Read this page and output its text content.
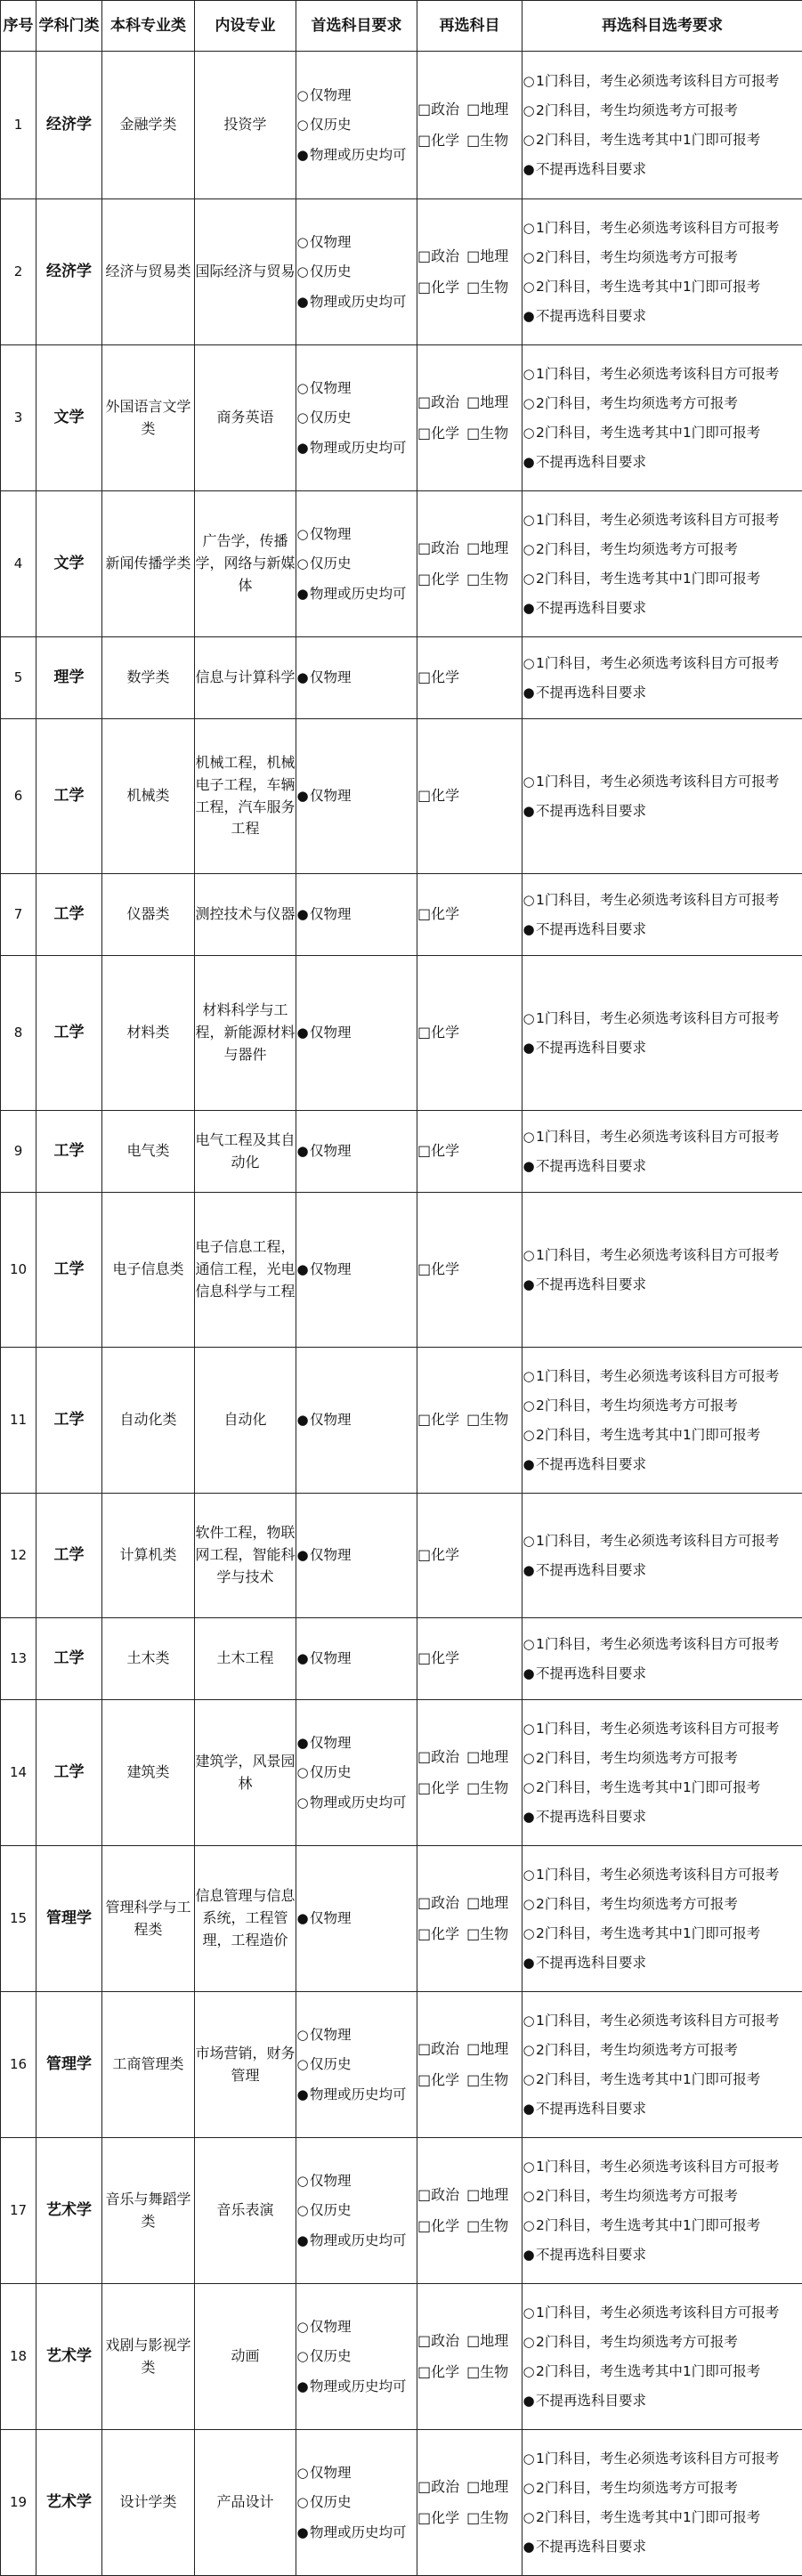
序号	学科门类	本科专业类	内设专业	首选科目要求	再选科目	再选科目选考要求
1	经济学	金融学类	投资学	○仅物理
○仅历史
●物理或历史均可	□政治 □地理
□化学 □生物	○1门科目，考生必须选考该科目方可报考
○2门科目，考生均须选考方可报考
○2门科目，考生选考其中1门即可报考
●不提再选科目要求

2	经济学	经济与贸易类	国际经济与贸易	○仅物理
○仅历史
●物理或历史均可	□政治 □地理
□化学 □生物	○1门科目，考生必须选考该科目方可报考
○2门科目，考生均须选考方可报考
○2门科目，考生选考其中1门即可报考
●不提再选科目要求

3	文学	外国语言文学类	商务英语	○仅物理
○仅历史
●物理或历史均可	□政治 □地理
□化学 □生物	○1门科目，考生必须选考该科目方可报考
○2门科目，考生均须选考方可报考
○2门科目，考生选考其中1门即可报考
●不提再选科目要求

4	文学	新闻传播学类	广告学，传播学，网络与新媒体	○仅物理
○仅历史
●物理或历史均可	□政治 □地理
□化学 □生物	○1门科目，考生必须选考该科目方可报考
○2门科目，考生均须选考方可报考
○2门科目，考生选考其中1门即可报考
●不提再选科目要求

5	理学	数学类	信息与计算科学	●仅物理	□化学	○1门科目，考生必须选考该科目方可报考
●不提再选科目要求

6	工学	机械类	机械工程，机械电子工程，车辆工程，汽车服务工程	●仅物理	□化学	○1门科目，考生必须选考该科目方可报考
●不提再选科目要求

7	工学	仪器类	测控技术与仪器	●仅物理	□化学	○1门科目，考生必须选考该科目方可报考
●不提再选科目要求

8	工学	材料类	材料科学与工程，新能源材料与器件	●仅物理	□化学	○1门科目，考生必须选考该科目方可报考
●不提再选科目要求

9	工学	电气类	电气工程及其自动化	●仅物理	□化学	○1门科目，考生必须选考该科目方可报考
●不提再选科目要求

10	工学	电子信息类	电子信息工程，通信工程，光电信息科学与工程	●仅物理	□化学	○1门科目，考生必须选考该科目方可报考
●不提再选科目要求

11	工学	自动化类	自动化	●仅物理	□化学 □生物	○1门科目，考生必须选考该科目方可报考
○2门科目，考生均须选考方可报考
○2门科目，考生选考其中1门即可报考
●不提再选科目要求

12	工学	计算机类	软件工程，物联网工程，智能科学与技术	●仅物理	□化学	○1门科目，考生必须选考该科目方可报考
●不提再选科目要求

13	工学	土木类	土木工程	●仅物理	□化学	○1门科目，考生必须选考该科目方可报考
●不提再选科目要求

14	工学	建筑类	建筑学，风景园林	●仅物理
○仅历史
○物理或历史均可	□政治 □地理
□化学 □生物	○1门科目，考生必须选考该科目方可报考
○2门科目，考生均须选考方可报考
○2门科目，考生选考其中1门即可报考
●不提再选科目要求

15	管理学	管理科学与工程类	信息管理与信息系统，工程管理，工程造价	●仅物理	□政治 □地理
□化学 □生物	○1门科目，考生必须选考该科目方可报考
○2门科目，考生均须选考方可报考
○2门科目，考生选考其中1门即可报考
●不提再选科目要求

16	管理学	工商管理类	市场营销，财务管理	○仅物理
○仅历史
●物理或历史均可	□政治 □地理
□化学 □生物	○1门科目，考生必须选考该科目方可报考
○2门科目，考生均须选考方可报考
○2门科目，考生选考其中1门即可报考
●不提再选科目要求

17	艺术学	音乐与舞蹈学类	音乐表演	○仅物理
○仅历史
●物理或历史均可	□政治 □地理
□化学 □生物	○1门科目，考生必须选考该科目方可报考
○2门科目，考生均须选考方可报考
○2门科目，考生选考其中1门即可报考
●不提再选科目要求

18	艺术学	戏剧与影视学类	动画	○仅物理
○仅历史
●物理或历史均可	□政治 □地理
□化学 □生物	○1门科目，考生必须选考该科目方可报考
○2门科目，考生均须选考方可报考
○2门科目，考生选考其中1门即可报考
●不提再选科目要求

19	艺术学	设计学类	产品设计	○仅物理
○仅历史
●物理或历史均可	□政治 □地理
□化学 □生物	○1门科目，考生必须选考该科目方可报考
○2门科目，考生均须选考方可报考
○2门科目，考生选考其中1门即可报考
●不提再选科目要求
